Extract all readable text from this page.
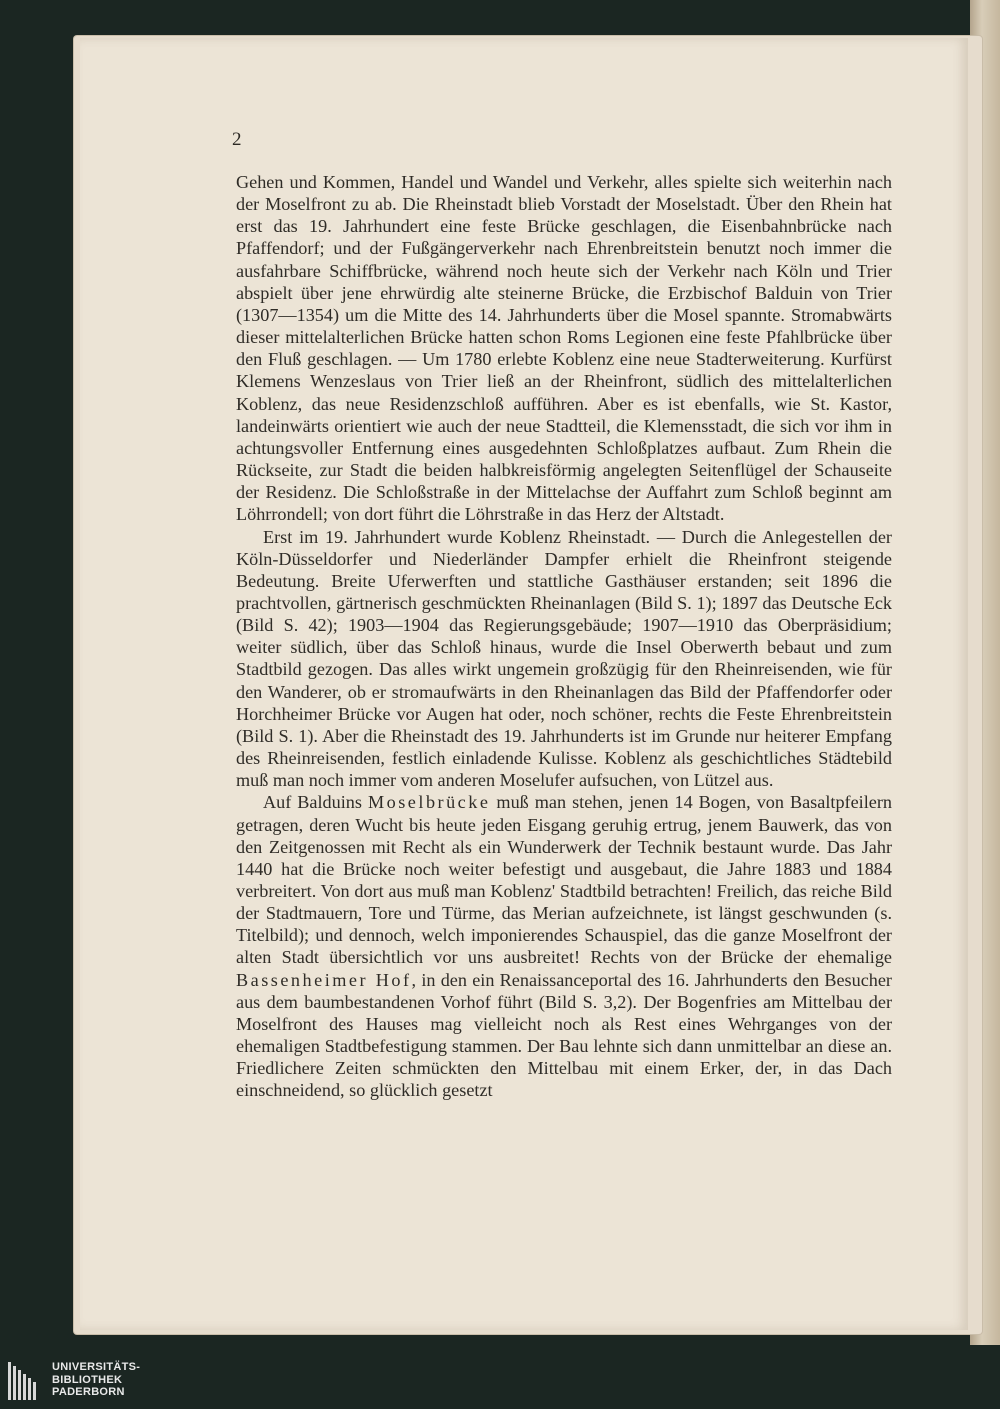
2

Gehen und Kommen, Handel und Wandel und Verkehr, alles spielte sich weiterhin nach der Moselfront zu ab. Die Rheinstadt blieb Vorstadt der Moselstadt. Über den Rhein hat erst das 19. Jahrhundert eine feste Brücke geschlagen, die Eisenbahnbrücke nach Pfaffendorf; und der Fußgängerverkehr nach Ehrenbreitstein benutzt noch immer die ausfahrbare Schiffbrücke, während noch heute sich der Verkehr nach Köln und Trier abspielt über jene ehrwürdig alte steinerne Brücke, die Erzbischof Balduin von Trier (1307—1354) um die Mitte des 14. Jahrhunderts über die Mosel spannte. Stromabwärts dieser mittelalterlichen Brücke hatten schon Roms Legionen eine feste Pfahlbrücke über den Fluß geschlagen. — Um 1780 erlebte Koblenz eine neue Stadterweiterung. Kurfürst Klemens Wenzeslaus von Trier ließ an der Rheinfront, südlich des mittelalterlichen Koblenz, das neue Residenzschloß aufführen. Aber es ist ebenfalls, wie St. Kastor, landeinwärts orientiert wie auch der neue Stadtteil, die Klemensstadt, die sich vor ihm in achtungsvoller Entfernung eines ausgedehnten Schloßplatzes aufbaut. Zum Rhein die Rückseite, zur Stadt die beiden halbkreisförmig angelegten Seitenflügel der Schauseite der Residenz. Die Schloßstraße in der Mittelachse der Auffahrt zum Schloß beginnt am Löhrrondell; von dort führt die Löhrstraße in das Herz der Altstadt.

Erst im 19. Jahrhundert wurde Koblenz Rheinstadt. — Durch die Anlegestellen der Köln-Düsseldorfer und Niederländer Dampfer erhielt die Rheinfront steigende Bedeutung. Breite Uferwerften und stattliche Gasthäuser erstanden; seit 1896 die prachtvollen, gärtnerisch geschmückten Rheinanlagen (Bild S. 1); 1897 das Deutsche Eck (Bild S. 42); 1903—1904 das Regierungsgebäude; 1907—1910 das Oberpräsidium; weiter südlich, über das Schloß hinaus, wurde die Insel Oberwerth bebaut und zum Stadtbild gezogen. Das alles wirkt ungemein großzügig für den Rheinreisenden, wie für den Wanderer, ob er stromaufwärts in den Rheinanlagen das Bild der Pfaffendorfer oder Horchheimer Brücke vor Augen hat oder, noch schöner, rechts die Feste Ehrenbreitstein (Bild S. 1). Aber die Rheinstadt des 19. Jahrhunderts ist im Grunde nur heiterer Empfang des Rheinreisenden, festlich einladende Kulisse. Koblenz als geschichtliches Städtebild muß man noch immer vom anderen Moselufer aufsuchen, von Lützel aus.

Auf Balduins Moselbrücke muß man stehen, jenen 14 Bogen, von Basaltpfeilern getragen, deren Wucht bis heute jeden Eisgang geruhig ertrug, jenem Bauwerk, das von den Zeitgenossen mit Recht als ein Wunderwerk der Technik bestaunt wurde. Das Jahr 1440 hat die Brücke noch weiter befestigt und ausgebaut, die Jahre 1883 und 1884 verbreitert. Von dort aus muß man Koblenz' Stadtbild betrachten! Freilich, das reiche Bild der Stadtmauern, Tore und Türme, das Merian aufzeichnete, ist längst geschwunden (s. Titelbild); und dennoch, welch imponierendes Schauspiel, das die ganze Moselfront der alten Stadt übersichtlich vor uns ausbreitet! Rechts von der Brücke der ehemalige Bassenheimer Hof, in den ein Renaissanceportal des 16. Jahrhunderts den Besucher aus dem baumbestandenen Vorhof führt (Bild S. 3,2). Der Bogenfries am Mittelbau der Moselfront des Hauses mag vielleicht noch als Rest eines Wehrganges von der ehemaligen Stadtbefestigung stammen. Der Bau lehnte sich dann unmittelbar an diese an. Friedlichere Zeiten schmückten den Mittelbau mit einem Erker, der, in das Dach einschneidend, so glücklich gesetzt

UNIVERSITÄTS-
BIBLIOTHEK
PADERBORN
